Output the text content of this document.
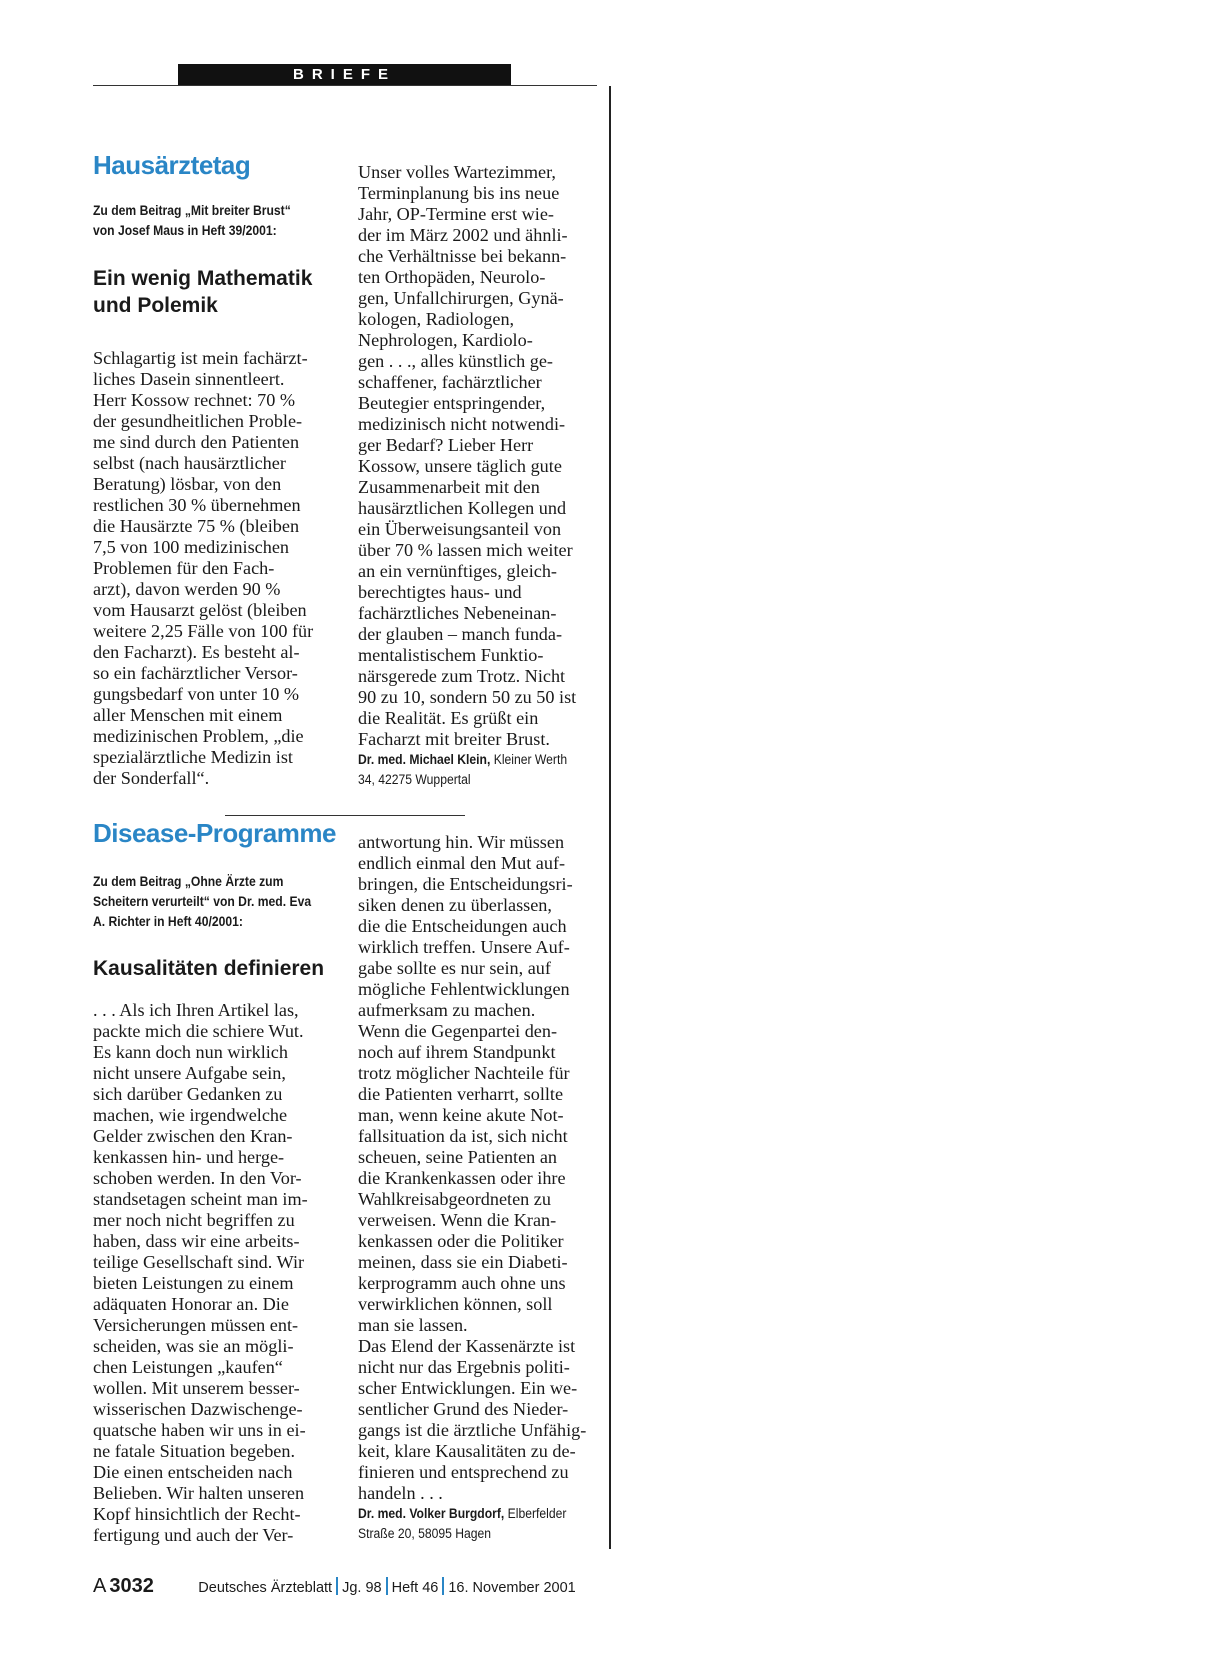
BRIEFE
Hausärztetag
Zu dem Beitrag „Mit breiter Brust“
von Josef Maus in Heft 39/2001:
Ein wenig Mathematik
und Polemik
Schlagartig ist mein fachärzt-
liches Dasein sinnentleert.
Herr Kossow rechnet: 70 %
der gesundheitlichen Proble-
me sind durch den Patienten
selbst (nach hausärztlicher
Beratung) lösbar, von den
restlichen 30 % übernehmen
die Hausärzte 75 % (bleiben
7,5 von 100 medizinischen
Problemen für den Fach-
arzt), davon werden 90 %
vom Hausarzt gelöst (bleiben
weitere 2,25 Fälle von 100 für
den Facharzt). Es besteht al-
so ein fachärztlicher Versor-
gungsbedarf von unter 10 %
aller Menschen mit einem
medizinischen Problem, „die
spezialärztliche Medizin ist
der Sonderfall“.
Unser volles Wartezimmer,
Terminplanung bis ins neue
Jahr, OP-Termine erst wie-
der im März 2002 und ähnli-
che Verhältnisse bei bekann-
ten Orthopäden, Neurolo-
gen, Unfallchirurgen, Gynä-
kologen, Radiologen,
Nephrologen, Kardiolo-
gen . . ., alles künstlich ge-
schaffener, fachärztlicher
Beutegier entspringender,
medizinisch nicht notwendi-
ger Bedarf? Lieber Herr
Kossow, unsere täglich gute
Zusammenarbeit mit den
hausärztlichen Kollegen und
ein Überweisungsanteil von
über 70 % lassen mich weiter
an ein vernünftiges, gleich-
berechtigtes haus- und
fachärztliches Nebeneinan-
der glauben – manch funda-
mentalistischem Funktio-
närsgerede zum Trotz. Nicht
90 zu 10, sondern 50 zu 50 ist
die Realität. Es grüßt ein
Facharzt mit breiter Brust.
Dr. med. Michael Klein, Kleiner Werth
34, 42275 Wuppertal
Disease-Programme
Zu dem Beitrag „Ohne Ärzte zum
Scheitern verurteilt“ von Dr. med. Eva
A. Richter in Heft 40/2001:
Kausalitäten definieren
. . . Als ich Ihren Artikel las,
packte mich die schiere Wut.
Es kann doch nun wirklich
nicht unsere Aufgabe sein,
sich darüber Gedanken zu
machen, wie irgendwelche
Gelder zwischen den Kran-
kenkassen hin- und herge-
schoben werden. In den Vor-
standsetagen scheint man im-
mer noch nicht begriffen zu
haben, dass wir eine arbeits-
teilige Gesellschaft sind. Wir
bieten Leistungen zu einem
adäquaten Honorar an. Die
Versicherungen müssen ent-
scheiden, was sie an mögli-
chen Leistungen „kaufen“
wollen. Mit unserem besser-
wisserischen Dazwischenge-
quatsche haben wir uns in ei-
ne fatale Situation begeben.
Die einen entscheiden nach
Belieben. Wir halten unseren
Kopf hinsichtlich der Recht-
fertigung und auch der Ver-
antwortung hin. Wir müssen
endlich einmal den Mut auf-
bringen, die Entscheidungsri-
siken denen zu überlassen,
die die Entscheidungen auch
wirklich treffen. Unsere Auf-
gabe sollte es nur sein, auf
mögliche Fehlentwicklungen
aufmerksam zu machen.
Wenn die Gegenpartei den-
noch auf ihrem Standpunkt
trotz möglicher Nachteile für
die Patienten verharrt, sollte
man, wenn keine akute Not-
fallsituation da ist, sich nicht
scheuen, seine Patienten an
die Krankenkassen oder ihre
Wahlkreisabgeordneten zu
verweisen. Wenn die Kran-
kenkassen oder die Politiker
meinen, dass sie ein Diabeti-
kerprogramm auch ohne uns
verwirklichen können, soll
man sie lassen.
Das Elend der Kassenärzte ist
nicht nur das Ergebnis politi-
scher Entwicklungen. Ein we-
sentlicher Grund des Nieder-
gangs ist die ärztliche Unfähig-
keit, klare Kausalitäten zu de-
finieren und entsprechend zu
handeln . . .
Dr. med. Volker Burgdorf, Elberfelder
Straße 20, 58095 Hagen
A 3032	Deutsches Ärzteblatt Jg. 98 Heft 46 16. November 2001
